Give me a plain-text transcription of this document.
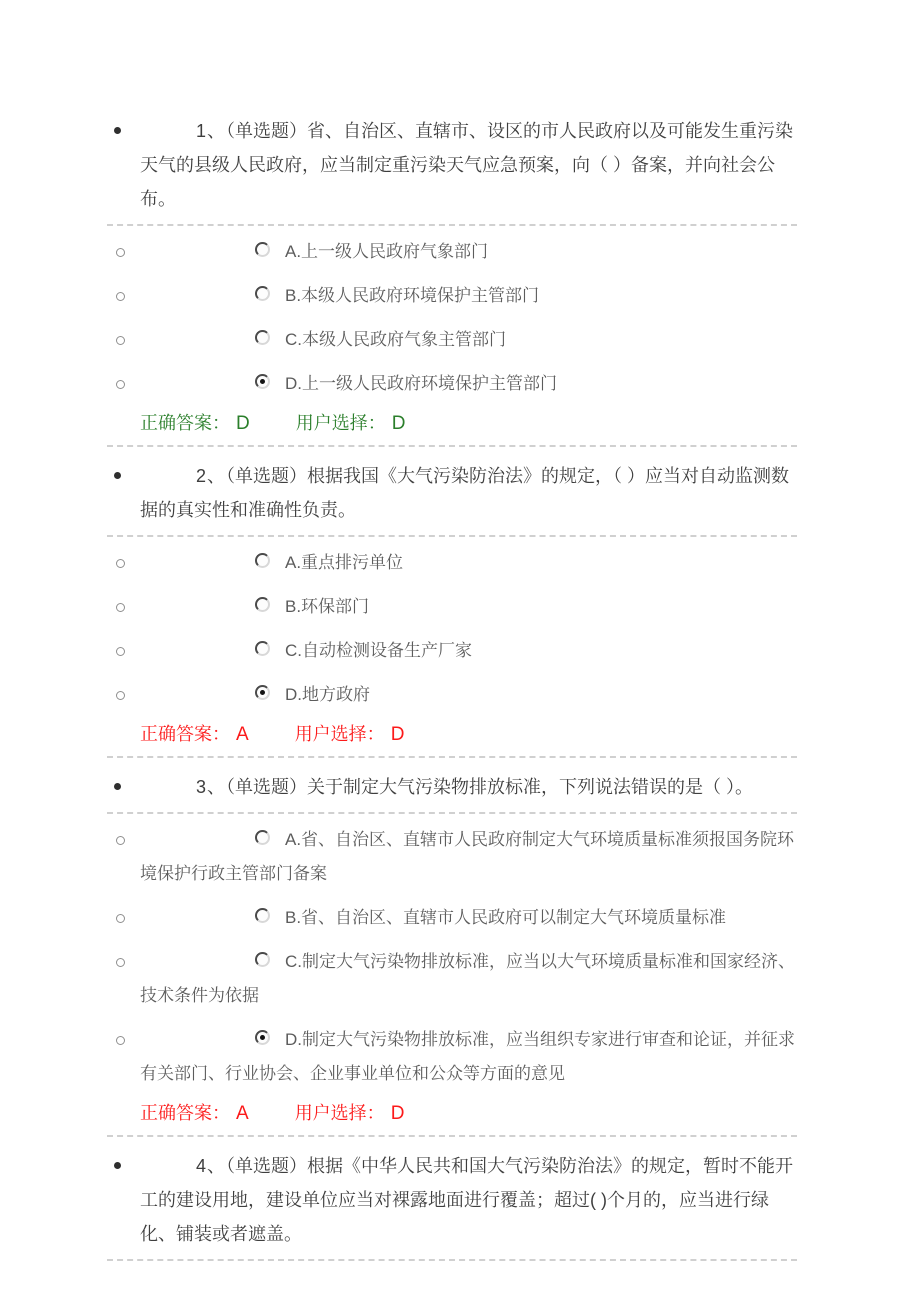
1、（单选题）省、自治区、直辖市、设区的市人民政府以及可能发生重污染天气的县级人民政府，应当制定重污染天气应急预案，向（ ）备案，并向社会公布。
A.上一级人民政府气象部门
B.本级人民政府环境保护主管部门
C.本级人民政府气象主管部门
D.上一级人民政府环境保护主管部门
正确答案： D	用户选择： D
2、（单选题）根据我国《大气污染防治法》的规定，（ ）应当对自动监测数据的真实性和准确性负责。
A.重点排污单位
B.环保部门
C.自动检测设备生产厂家
D.地方政府
正确答案： A	用户选择： D
3、（单选题）关于制定大气污染物排放标准，下列说法错误的是（ ）。
A.省、自治区、直辖市人民政府制定大气环境质量标准须报国务院环境保护行政主管部门备案
B.省、自治区、直辖市人民政府可以制定大气环境质量标准
C.制定大气污染物排放标准，应当以大气环境质量标准和国家经济、技术条件为依据
D.制定大气污染物排放标准，应当组织专家进行审查和论证，并征求有关部门、行业协会、企业事业单位和公众等方面的意见
正确答案： A	用户选择： D
4、（单选题）根据《中华人民共和国大气污染防治法》的规定，暂时不能开工的建设用地，建设单位应当对裸露地面进行覆盖；超过( )个月的，应当进行绿化、铺装或者遮盖。
